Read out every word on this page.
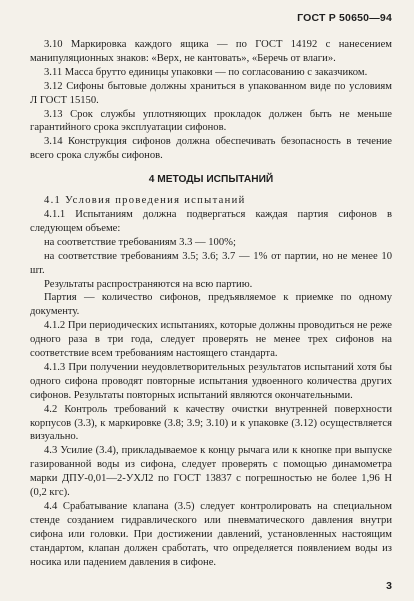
ГОСТ Р 50650—94

3.10 Маркировка каждого ящика — по ГОСТ 14192 с нанесением манипуляционных знаков: «Верх, не кантовать», «Беречь от влаги».

3.11 Масса брутто единицы упаковки — по согласованию с заказчиком.

3.12 Сифоны бытовые должны храниться в упакованном виде по условиям Л ГОСТ 15150.

3.13 Срок службы уплотняющих прокладок должен быть не меньше гарантийного срока эксплуатации сифонов.

3.14 Конструкция сифонов должна обеспечивать безопасность в течение всего срока службы сифонов.

4 МЕТОДЫ ИСПЫТАНИЙ

4.1 Условия проведения испытаний

4.1.1 Испытаниям должна подвергаться каждая партия сифонов в следующем объеме:

на соответствие требованиям 3.3 — 100%;

на соответствие требованиям 3.5; 3.6; 3.7 — 1% от партии, но не менее 10 шт.

Результаты распространяются на всю партию.

Партия — количество сифонов, предъявляемое к приемке по одному документу.

4.1.2 При периодических испытаниях, которые должны проводиться не реже одного раза в три года, следует проверять не менее трех сифонов на соответствие всем требованиям настоящего стандарта.

4.1.3 При получении неудовлетворительных результатов испытаний хотя бы одного сифона проводят повторные испытания удвоенного количества других сифонов. Результаты повторных испытаний являются окончательными.

4.2 Контроль требований к качеству очистки внутренней поверхности корпусов (3.3), к маркировке (3.8; 3.9; 3.10) и к упаковке (3.12) осуществляется визуально.

4.3 Усилие (3.4), прикладываемое к концу рычага или к кнопке при выпуске газированной воды из сифона, следует проверять с помощью динамометра марки ДПУ-0,01—2-УХЛ2 по ГОСТ 13837 с погрешностью не более 1,96 Н (0,2 кгс).

4.4 Срабатывание клапана (3.5) следует контролировать на специальном стенде созданием гидравлического или пневматического давления внутри сифона или головки. При достижении давлений, установленных настоящим стандартом, клапан должен сработать, что определяется появлением воды из носика или падением давления в сифоне.

3
